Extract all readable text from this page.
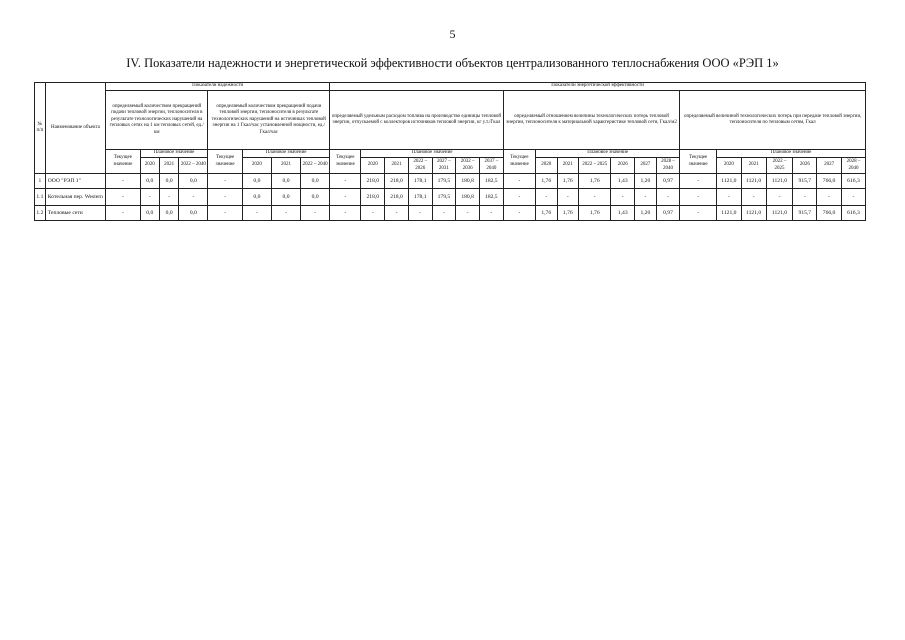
5
IV. Показатели надежности и энергетической эффективности объектов централизованного теплоснабжения ООО «РЭП 1»
№ п/п	Наименование объекта	Показатели надежности								Показатели энергетической эффективности																				
		определяемый количеством прекращений подачи тепловой энергии, теплоносителя в результате технологических нарушений на тепловых сетях на 1 км тепловых сетей, ед./км				определяемый количеством прекращений подачи тепловой энергии, теплоносителя в результате технологических нарушений на источниках тепловой энергии на 1 Гкал/час установленной мощности, ед./Гкал/час				определяемый удельным расходом топлива на производство единицы тепловой энергии, отпускаемой с коллекторов источников тепловой энергии, кг у.т./Гкал							определяемый отношением величины технологических потерь тепловой энергии, теплоносителя к материальной характеристике тепловой сети, Гкал/м2							определяемый величиной технологических потерь при передаче тепловой энергии, теплоносителя по тепловым сетям, Гкал						
		Текущее значение	Плановое значение			Текущее значение	Плановое значение			Текущее значение	Плановое значение						Текущее значение	Плановое значение						Текущее значение	Плановое значение					
			2020	2021	2022 – 2040		2020	2021	2022 – 2040		2020	2021	2022 – 2026	2027 – 2031	2032 – 2036	2037 – 2040		2020	2021	2022 – 2025	2026	2027	2028 – 2040		2020	2021	2022 – 2025	2026	2027	2028 – 2040
1	ООО "РЭП 1"	-	0,0	0,0	0,0	-	0,0	0,0	0,0	-	218,0	218,0	178,1	179,5	180,8	182,5	-	1,76	1,76	1,76	1,43	1,20	0,97	-	1121,0	1121,0	1121,0	915,7	766,0	616,3
1.1	Котельная пер. Western	-	-	-	-	-	0,0	0,0	0,0	-	218,0	218,0	178,1	179,5	180,8	182,5	-	-	-	-	-	-	-	-	-	-	-	-	-	-
1.2	Тепловые сети	-	0,0	0,0	0,0	-	-	-	-	-	-	-	-	-	-	-	-	1,76	1,76	1,76	1,43	1,20	0,97	-	1121,0	1121,0	1121,0	915,7	766,0	616,3
